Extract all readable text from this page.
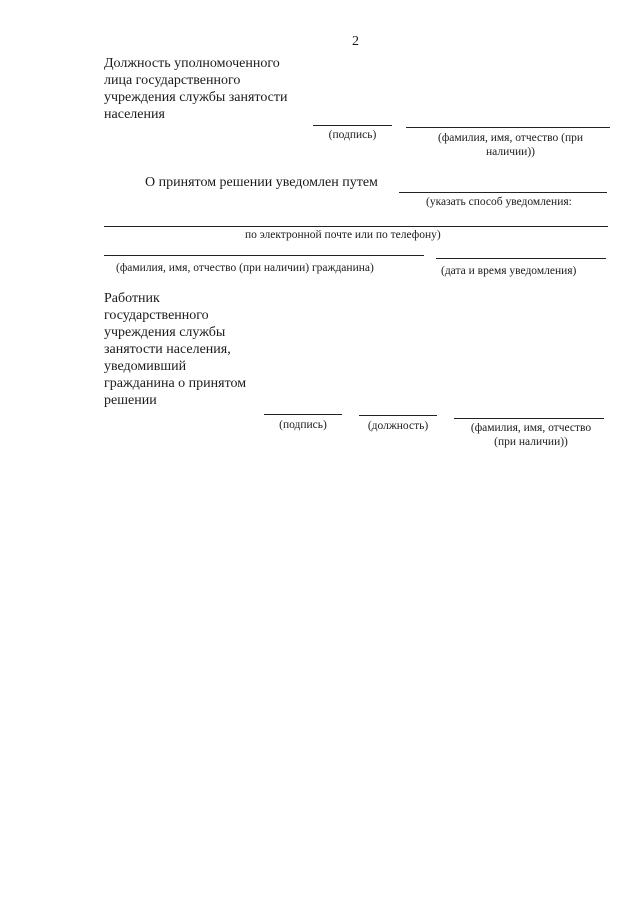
2
Должность уполномоченного
лица государственного
учреждения службы занятости
населения
(подпись)	(фамилия, имя, отчество (при
наличии))
О принятом решении уведомлен путем
(указать способ уведомления:
по электронной почте или по телефону)
(фамилия, имя, отчество (при наличии) гражданина)	(дата и время уведомления)
Работник
государственного
учреждения службы
занятости населения,
уведомивший
гражданина о принятом
решении
(подпись)	(должность)	(фамилия, имя, отчество
(при наличии))
